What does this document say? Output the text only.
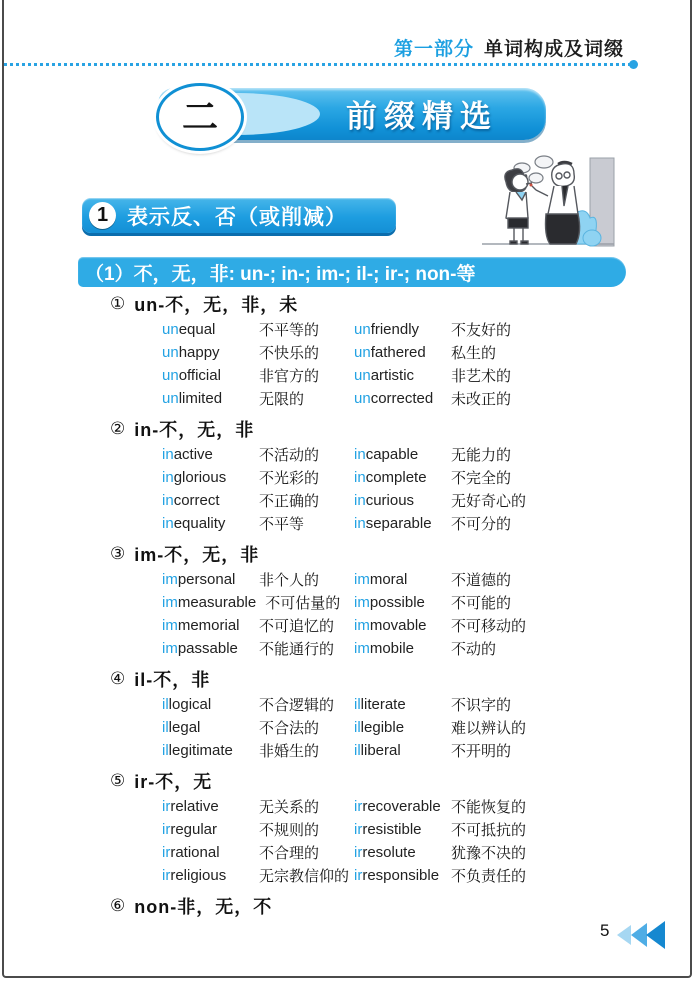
第一部分 单词构成及词缀
二	前缀精选
1 表示反、否（或削减）
（1）不，无，非: un-; in-; im-; il-; ir-; non-等
① un-不，无，非，未
unequal	不平等的 unfriendly	不友好的
unhappy	不快乐的 unfathered	私生的
unofficial	非官方的 unartistic	非艺术的
unlimited	无限的	uncorrected	未改正的
② in-不，无，非
inactive	不活动的 incapable	无能力的
inglorious	不光彩的 incomplete	不完全的
incorrect	不正确的 incurious	无好奇心的
inequality	不平等	inseparable	不可分的
③ im-不，无，非
impersonal	非个人的 immoral	不道德的
immeasurable 不可估量的 impossible	不可能的
immemorial	不可追忆的 immovable	不可移动的
impassable	不能通行的 immobile	不动的
④ il-不，非
illogical	不合逻辑的 illiterate	不识字的
illegal	不合法的 illegible	难以辨认的
illegitimate	非婚生的 illiberal	不开明的
⑤ ir-不，无
irrelative	无关系的 irrecoverable 不能恢复的
irregular	不规则的 irresistible	不可抵抗的
irrational	不合理的 irresolute	犹豫不决的
irreligious	无宗教信仰的 irresponsible 不负责任的
⑥ non-非，无，不
5
